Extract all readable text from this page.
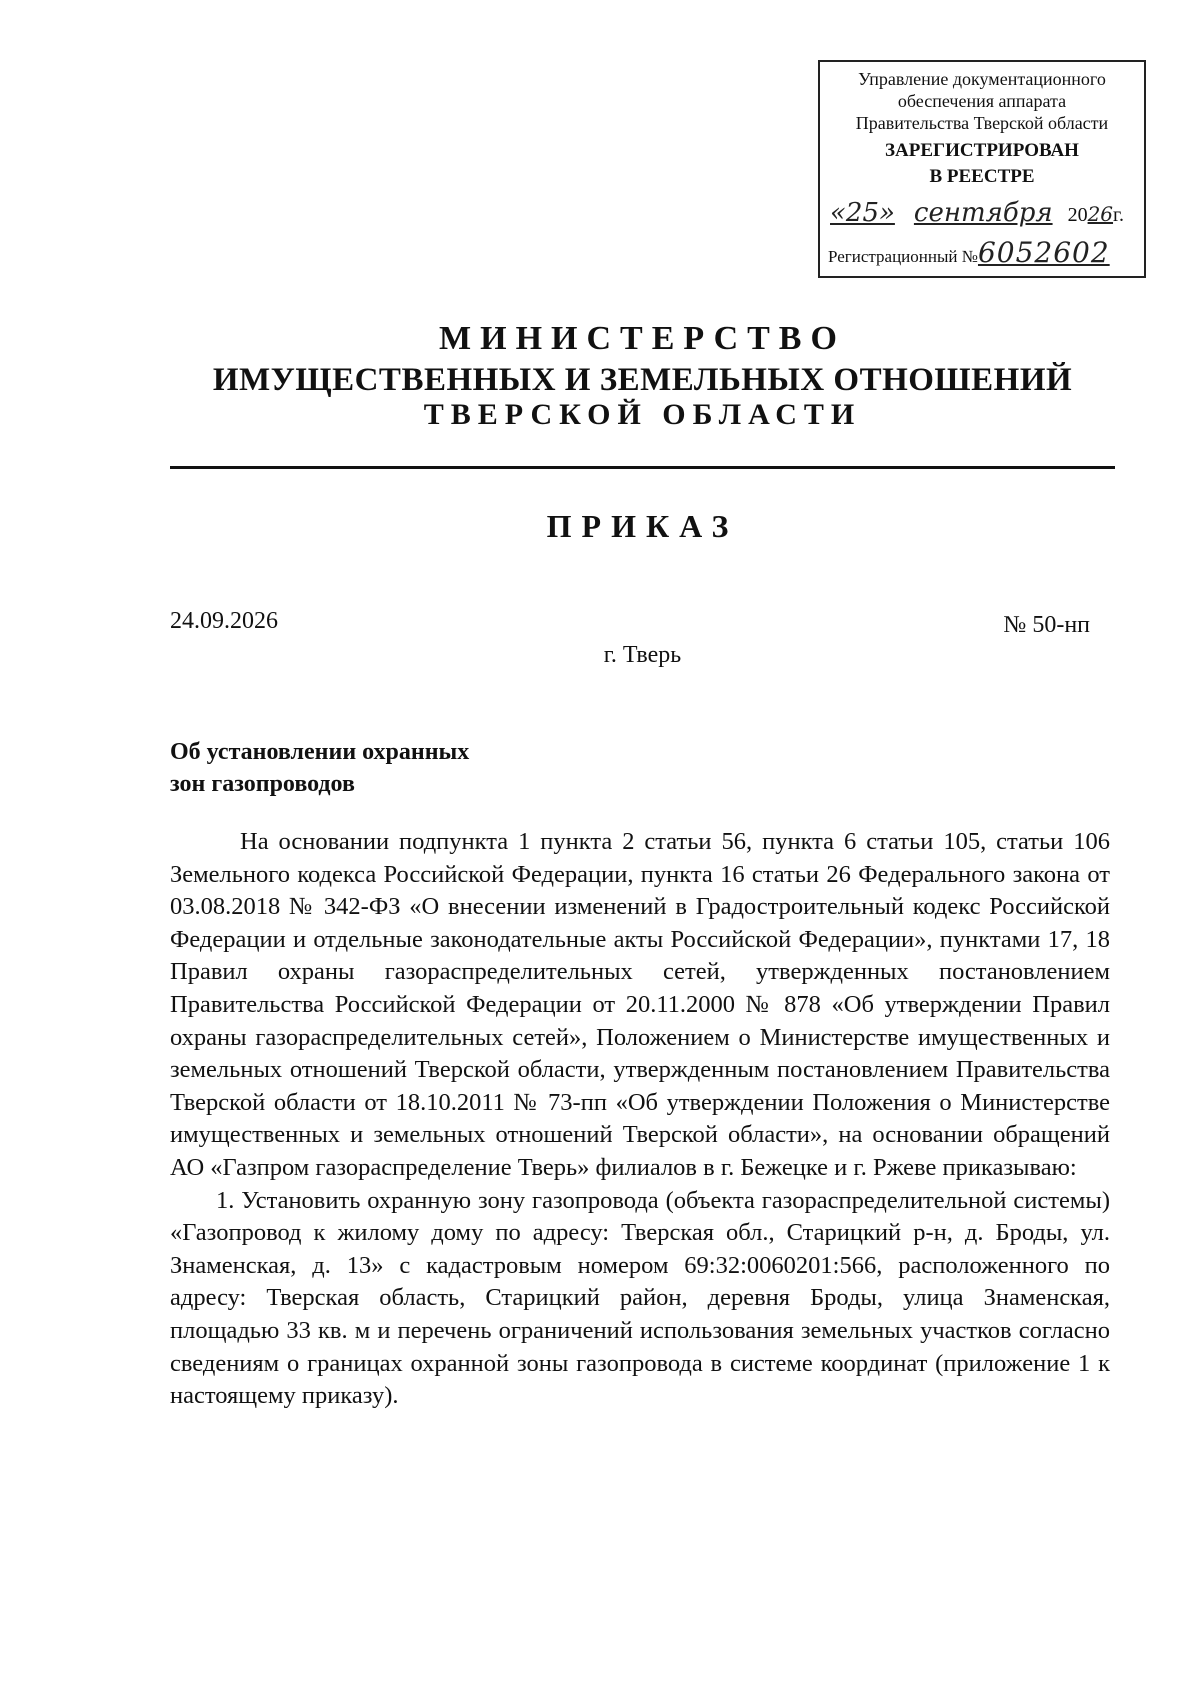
Управление документационного
обеспечения аппарата
Правительства Тверской области
ЗАРЕГИСТРИРОВАН
В РЕЕСТРЕ
«25» сентября 2026г.
Регистрационный №6052602
МИНИСТЕРСТВО
ИМУЩЕСТВЕННЫХ И ЗЕМЕЛЬНЫХ ОТНОШЕНИЙ
ТВЕРСКОЙ ОБЛАСТИ
ПРИКАЗ
24.09.2026	№ 50-нп
г. Тверь
Об установлении охранных
зон газопроводов

На основании подпункта 1 пункта 2 статьи 56, пункта 6 статьи 105, статьи 106 Земельного кодекса Российской Федерации, пункта 16 статьи 26 Федерального закона от 03.08.2018 № 342-ФЗ «О внесении изменений в Градостроительный кодекс Российской Федерации и отдельные законодательные акты Российской Федерации», пунктами 17, 18 Правил охраны газораспределительных сетей, утвержденных постановлением Правительства Российской Федерации от 20.11.2000 № 878 «Об утверждении Правил охраны газораспределительных сетей», Положением о Министерстве имущественных и земельных отношений Тверской области, утвержденным постановлением Правительства Тверской области от 18.10.2011 № 73-пп «Об утверждении Положения о Министерстве имущественных и земельных отношений Тверской области», на основании обращений АО «Газпром газораспределение Тверь» филиалов в г. Бежецке и г. Ржеве приказываю:

1. Установить охранную зону газопровода (объекта газораспределительной системы) «Газопровод к жилому дому по адресу: Тверская обл., Старицкий р-н, д. Броды, ул. Знаменская, д. 13» с кадастровым номером 69:32:0060201:566, расположенного по адресу: Тверская область, Старицкий район, деревня Броды, улица Знаменская, площадью 33 кв. м и перечень ограничений использования земельных участков согласно сведениям о границах охранной зоны газопровода в системе координат (приложение 1 к настоящему приказу).
